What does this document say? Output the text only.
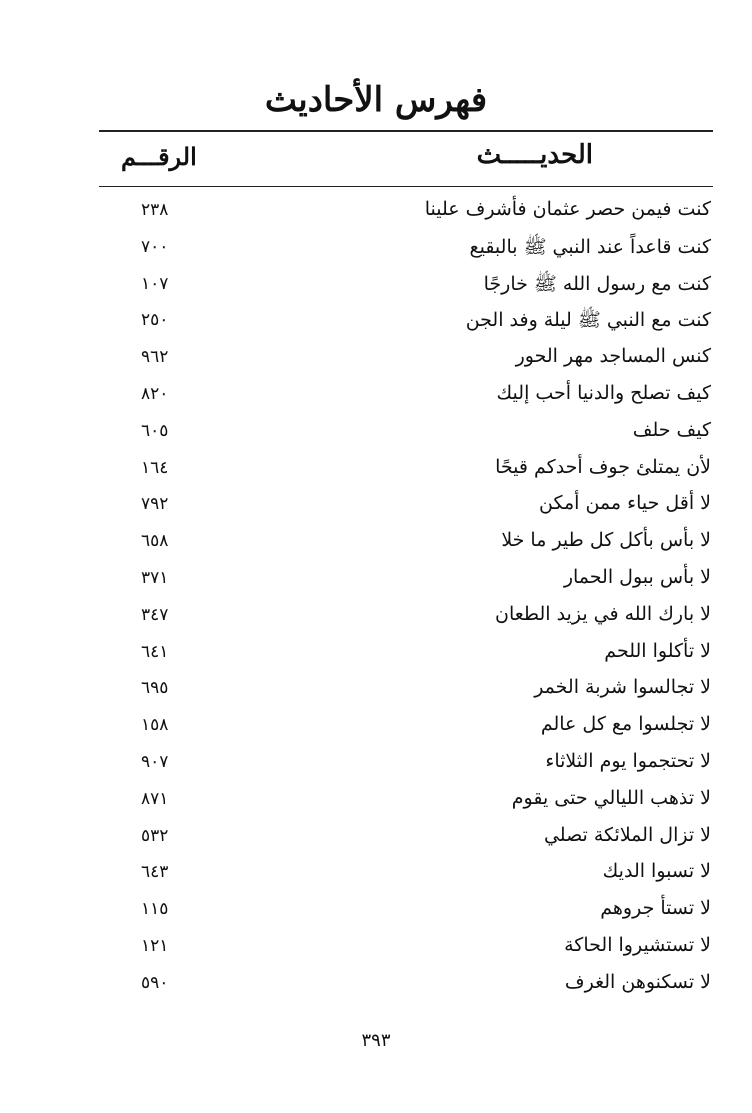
فهرس الأحاديث
الحديـــــث
الرقـــم
كنت فيمن حصر عثمان فأشرف علينا
٢٣٨
كنت قاعداً عند النبي ﷺ بالبقيع
٧٠٠
كنت مع رسول الله ﷺ خارجًا
١٠٧
كنت مع النبي ﷺ ليلة وفد الجن
٢٥٠
كنس المساجد مهر الحور
٩٦٢
كيف تصلح والدنيا أحب إليك
٨٢٠
كيف حلف
٦٠٥
لأن يمتلئ جوف أحدكم قيحًا
١٦٤
لا أقل حياء ممن أمكن
٧٩٢
لا بأس بأكل كل طير ما خلا
٦٥٨
لا بأس ببول الحمار
٣٧١
لا بارك الله في يزيد الطعان
٣٤٧
لا تأكلوا اللحم
٦٤١
لا تجالسوا شربة الخمر
٦٩٥
لا تجلسوا مع كل عالم
١٥٨
لا تحتجموا يوم الثلاثاء
٩٠٧
لا تذهب الليالي حتى يقوم
٨٧١
لا تزال الملائكة تصلي
٥٣٢
لا تسبوا الديك
٦٤٣
لا تستأ جروهم
١١٥
لا تستشيروا الحاكة
١٢١
لا تسكنوهن الغرف
٥٩٠
٣٩٣
